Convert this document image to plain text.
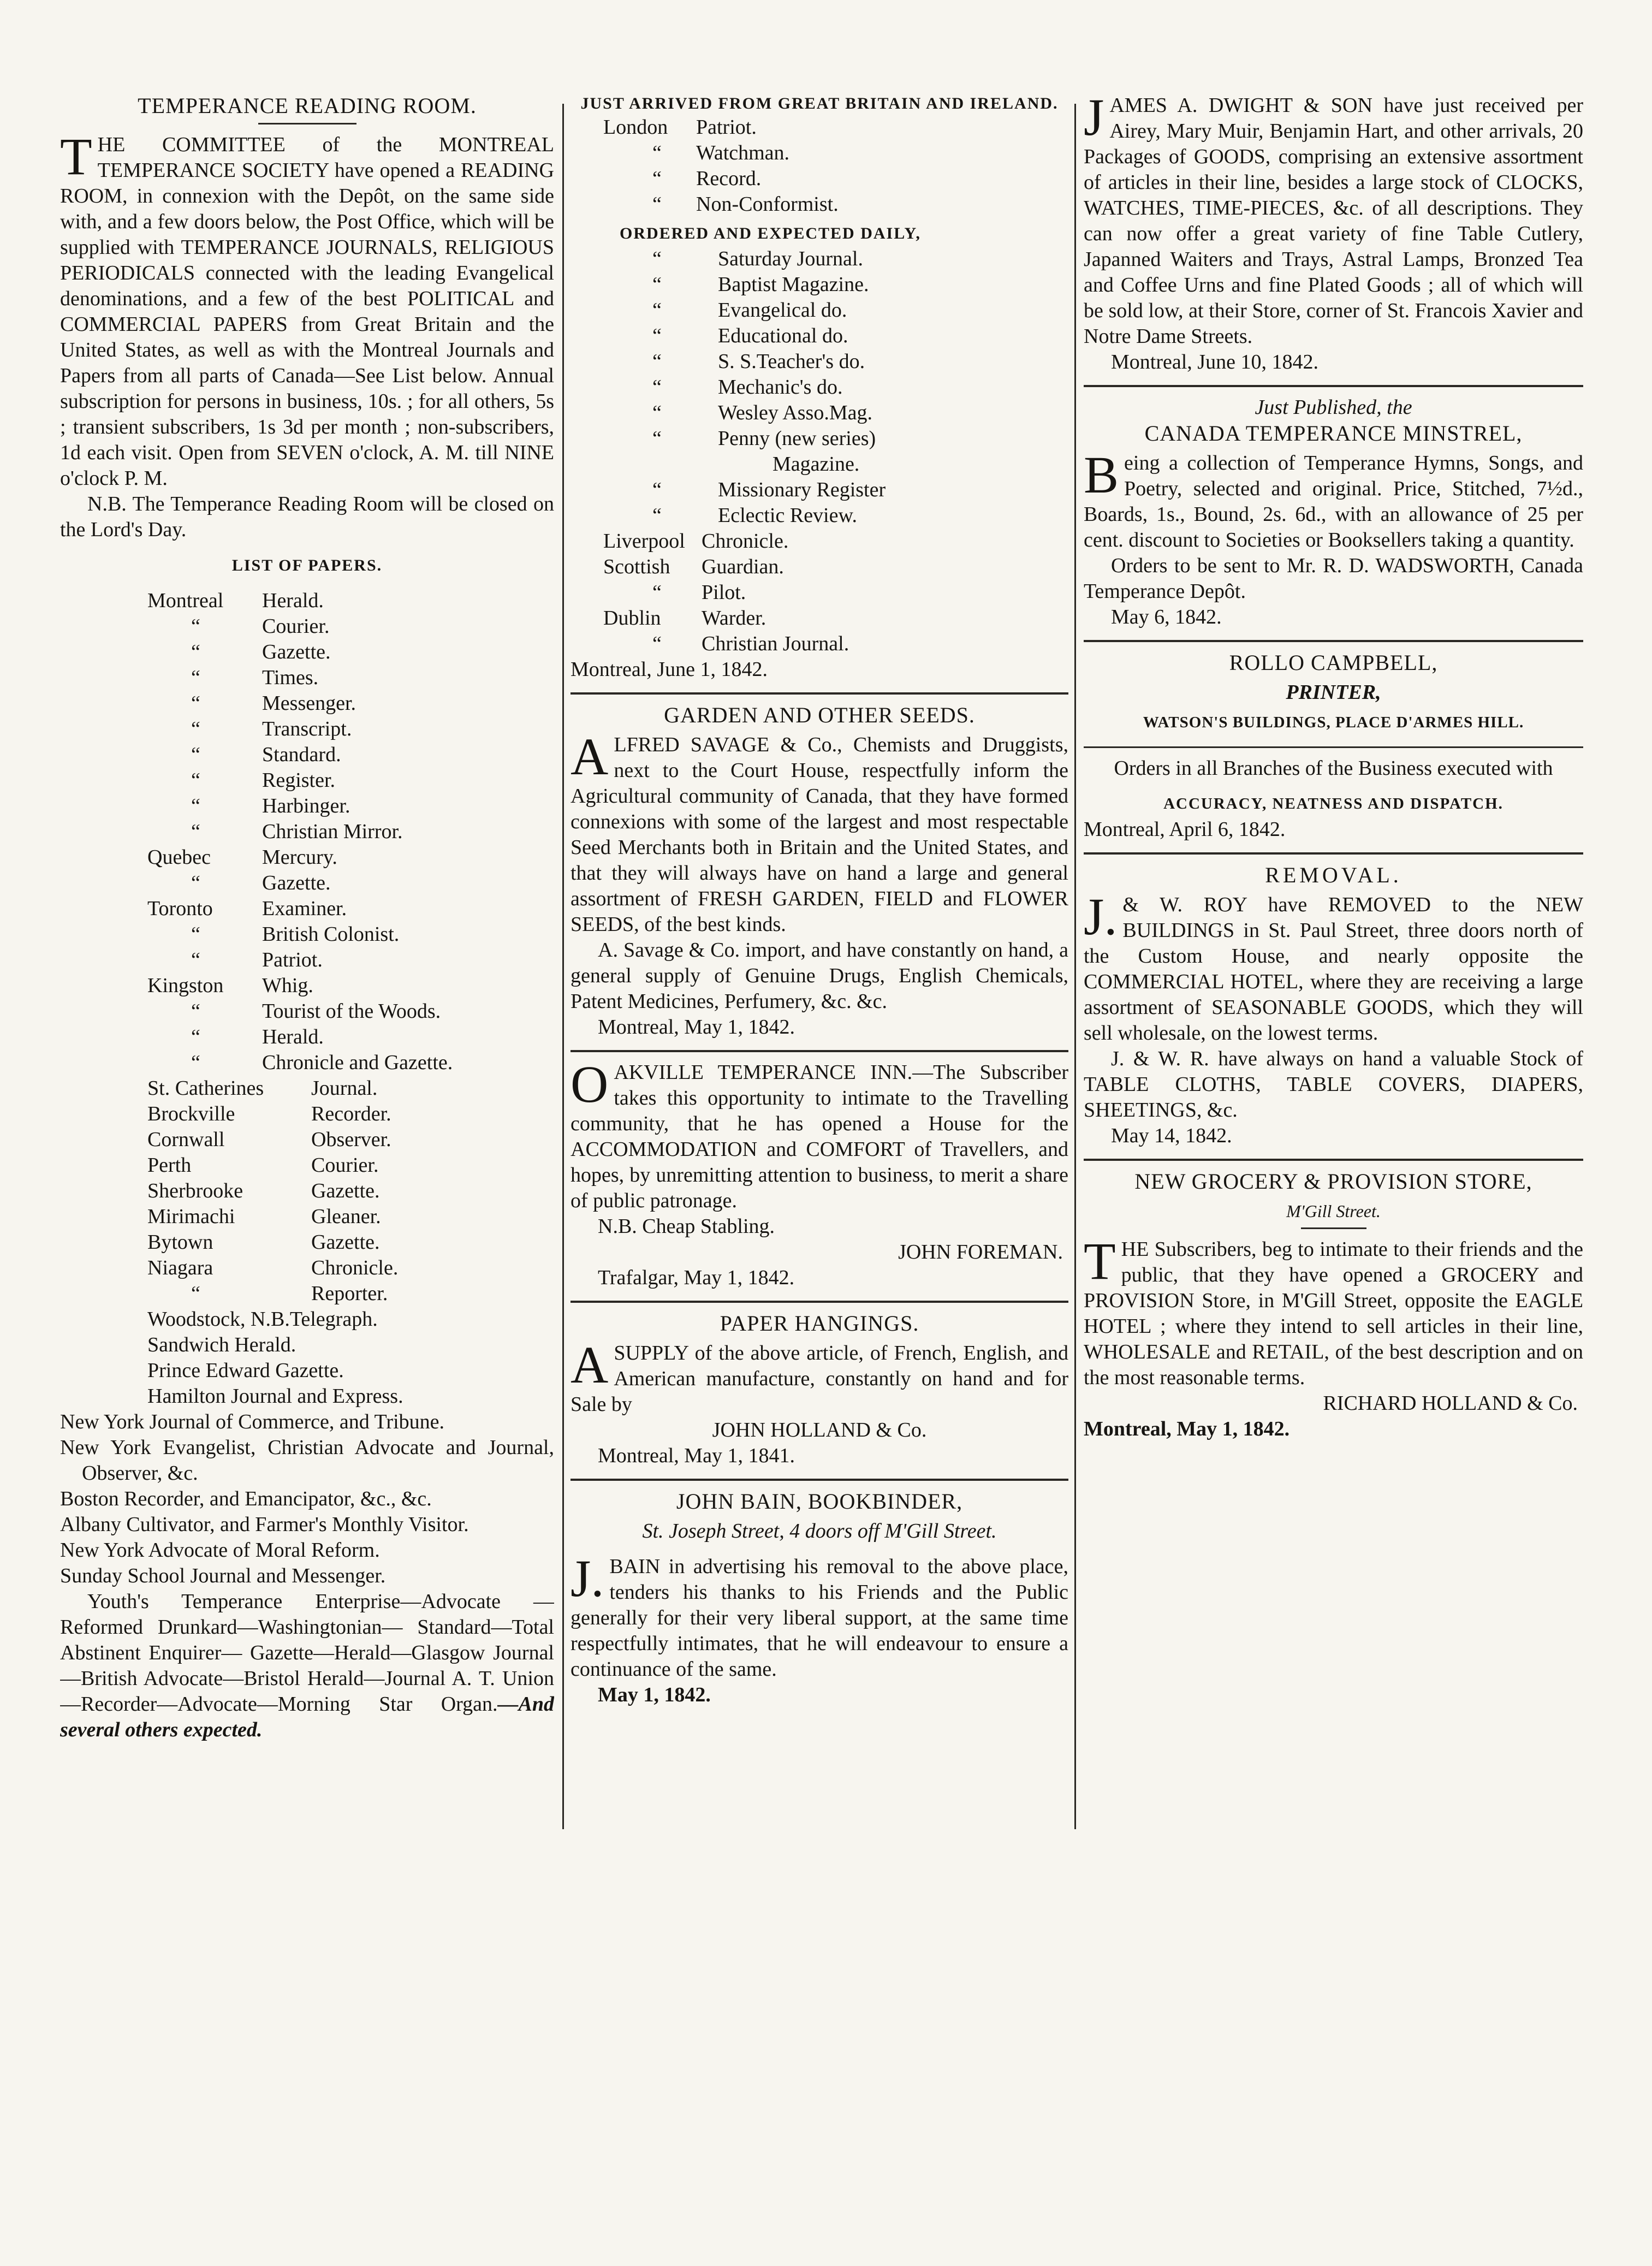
TEMPERANCE READING ROOM.

THE COMMITTEE of the MONTREAL TEMPERANCE SOCIETY have opened a READING ROOM, in connexion with the Depôt, on the same side with, and a few doors below, the Post Office, which will be supplied with TEMPERANCE JOURNALS, RELIGIOUS PERIODICALS connected with the leading Evangelical denominations, and a few of the best POLITICAL and COMMERCIAL PAPERS from Great Britain and the United States, as well as with the Montreal Journals and Papers from all parts of Canada—See List below. Annual subscription for persons in business, 10s. ; for all others, 5s ; transient subscribers, 1s 3d per month ; non-subscribers, 1d each visit. Open from SEVEN o'clock, A. M. till NINE o'clock P. M.

N.B. The Temperance Reading Room will be closed on the Lord's Day.

LIST OF PAPERS.

Montreal	Herald.
“	Courier.
“	Gazette.
“	Times.
“	Messenger.
“	Transcript.
“	Standard.
“	Register.
“	Harbinger.
“	Christian Mirror.
Quebec	Mercury.
“	Gazette.
Toronto	Examiner.
“	British Colonist.
“	Patriot.
Kingston	Whig.
“	Tourist of the Woods.
“	Herald.
“	Chronicle and Gazette.
St. Catherines	Journal.
Brockville	Recorder.
Cornwall	Observer.
Perth	Courier.
Sherbrooke	Gazette.
Mirimachi	Gleaner.
Bytown	Gazette.
Niagara	Chronicle.
“	Reporter.

Woodstock, N.B.Telegraph.

Sandwich Herald.

Prince Edward Gazette.

Hamilton Journal and Express.

New York Journal of Commerce, and Tribune.

New York Evangelist, Christian Advocate and Journal, Observer, &c.

Boston Recorder, and Emancipator, &c., &c.

Albany Cultivator, and Farmer's Monthly Visitor.

New York Advocate of Moral Reform.

Sunday School Journal and Messenger.

Youth's Temperance Enterprise—Advocate —Reformed Drunkard—Washingtonian— Standard—Total Abstinent Enquirer— Gazette—Herald—Glasgow Journal—British Advocate—Bristol Herald—Journal A. T. Union—Recorder—Advocate—Morning Star Organ.—And several others expected.

JUST ARRIVED FROM GREAT BRITAIN AND IRELAND.

London	Patriot.
“	Watchman.
“	Record.
“	Non-Conformist.

ORDERED AND EXPECTED DAILY,

“	Saturday Journal.
“	Baptist Magazine.
“	Evangelical do.
“	Educational do.
“	S. S.Teacher's do.
“	Mechanic's do.
“	Wesley Asso.Mag.
“	Penny (new series)
Magazine.
“	Missionary Register
“	Eclectic Review.
Liverpool Chronicle.
Scottish	Guardian.
“	Pilot.
Dublin	Warder.
“	Christian Journal.

Montreal, June 1, 1842.

GARDEN AND OTHER SEEDS.

ALFRED SAVAGE & Co., Chemists and Druggists, next to the Court House, respectfully inform the Agricultural community of Canada, that they have formed connexions with some of the largest and most respectable Seed Merchants both in Britain and the United States, and that they will always have on hand a large and general assortment of FRESH GARDEN, FIELD and FLOWER SEEDS, of the best kinds.

A. Savage & Co. import, and have constantly on hand, a general supply of Genuine Drugs, English Chemicals, Patent Medicines, Perfumery, &c. &c.

Montreal, May 1, 1842.

OAKVILLE TEMPERANCE INN.—The Subscriber takes this opportunity to intimate to the Travelling community, that he has opened a House for the ACCOMMODATION and COMFORT of Travellers, and hopes, by unremitting attention to business, to merit a share of public patronage.

N.B. Cheap Stabling.

JOHN FOREMAN.

Trafalgar, May 1, 1842.

PAPER HANGINGS.

ASUPPLY of the above article, of French, English, and American manufacture, constantly on hand and for Sale by

JOHN HOLLAND & Co.

Montreal, May 1, 1841.

JOHN BAIN, BOOKBINDER,

St. Joseph Street, 4 doors off M'Gill Street.

J. BAIN in advertising his removal to the above place, tenders his thanks to his Friends and the Public generally for their very liberal support, at the same time respectfully intimates, that he will endeavour to ensure a continuance of the same.

May 1, 1842.

JAMES A. DWIGHT & SON have just received per Airey, Mary Muir, Benjamin Hart, and other arrivals, 20 Packages of GOODS, comprising an extensive assortment of articles in their line, besides a large stock of CLOCKS, WATCHES, TIME-PIECES, &c. of all descriptions. They can now offer a great variety of fine Table Cutlery, Japanned Waiters and Trays, Astral Lamps, Bronzed Tea and Coffee Urns and fine Plated Goods ; all of which will be sold low, at their Store, corner of St. Francois Xavier and Notre Dame Streets.

Montreal, June 10, 1842.

Just Published, the

CANADA TEMPERANCE MINSTREL,

Being a collection of Temperance Hymns, Songs, and Poetry, selected and original. Price, Stitched, 7½d., Boards, 1s., Bound, 2s. 6d., with an allowance of 25 per cent. discount to Societies or Booksellers taking a quantity.

Orders to be sent to Mr. R. D. WADSWORTH, Canada Temperance Depôt.

May 6, 1842.

ROLLO CAMPBELL,

PRINTER,

WATSON'S BUILDINGS, PLACE D'ARMES HILL.

Orders in all Branches of the Business executed with

ACCURACY, NEATNESS AND DISPATCH.

Montreal, April 6, 1842.

REMOVAL.

J. & W. ROY have REMOVED to the NEW BUILDINGS in St. Paul Street, three doors north of the Custom House, and nearly opposite the COMMERCIAL HOTEL, where they are receiving a large assortment of SEASONABLE GOODS, which they will sell wholesale, on the lowest terms.

J. & W. R. have always on hand a valuable Stock of TABLE CLOTHS, TABLE COVERS, DIAPERS, SHEETINGS, &c.

May 14, 1842.

NEW GROCERY & PROVISION STORE,

M'Gill Street.

THE Subscribers, beg to intimate to their friends and the public, that they have opened a GROCERY and PROVISION Store, in M'Gill Street, opposite the EAGLE HOTEL ; where they intend to sell articles in their line, WHOLESALE and RETAIL, of the best description and on the most reasonable terms.

RICHARD HOLLAND & Co.

Montreal, May 1, 1842.
